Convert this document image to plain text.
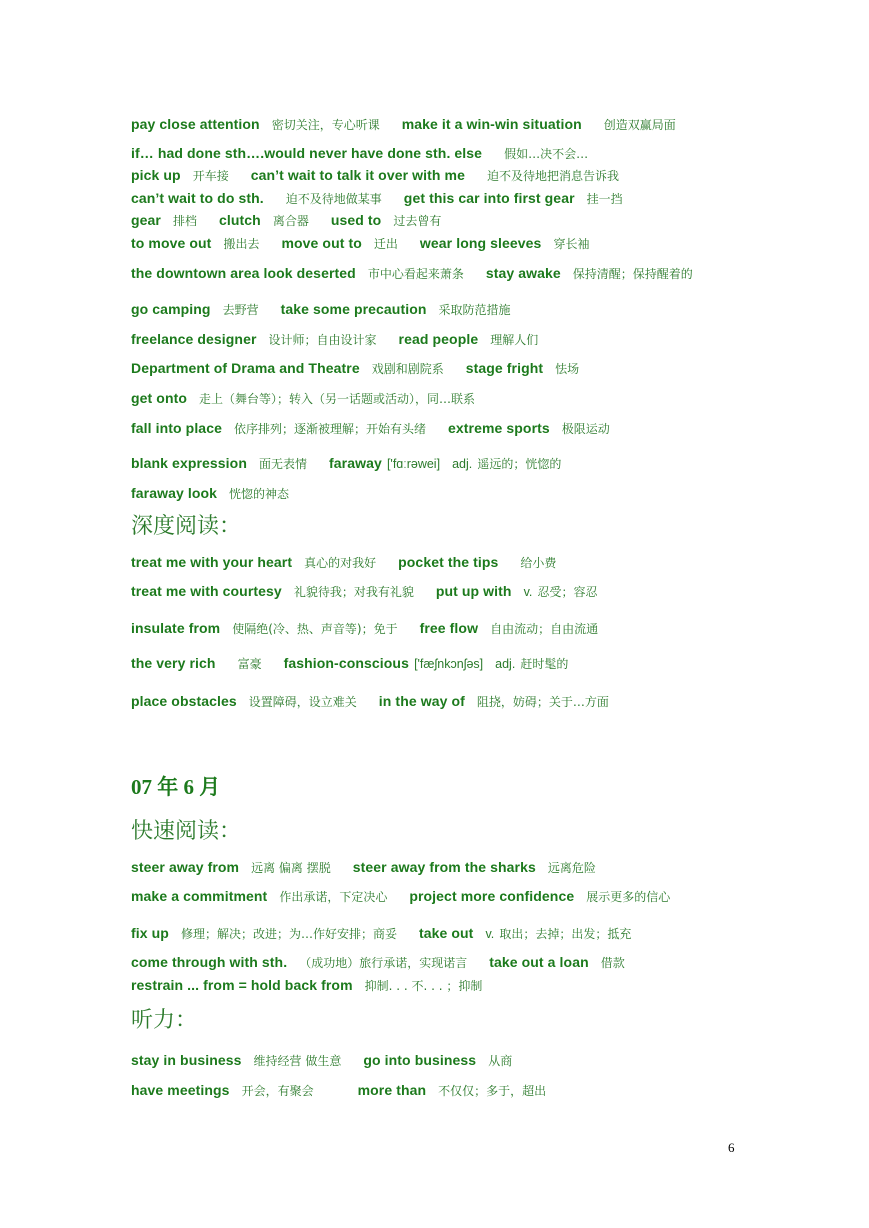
pay close attention 密切关注，专心听课 make it a win-win situation 创造双赢局面
if… had done sth….would never have done sth. else 假如…决不会…
pick up 开车接 can’t wait to talk it over with me 迫不及待地把消息告诉我
can’t wait to do sth. 迫不及待地做某事 get this car into first gear 挂一挡
gear 排档 clutch 离合器 used to 过去曾有
to move out 搬出去 move out to 迁出 wear long sleeves 穿长袖
the downtown area look deserted 市中心看起来萧条 stay awake 保持清醒；保持醒着的
go camping 去野营 take some precaution 采取防范措施
freelance designer 设计师；自由设计家 read people 理解人们
Department of Drama and Theatre 戏剧和剧院系 stage fright 怯场
get onto 走上（舞台等）；转入（另一话题或活动），同…联系
fall into place 依序排列；逐渐被理解；开始有头绪 extreme sports 极限运动
blank expression 面无表情 faraway ['fɑːrəwei] adj. 遥远的；恍惚的
faraway look 恍惚的神态
深度阅读：
treat me with your heart 真心的对我好 pocket the tips 给小费
treat me with courtesy 礼貌待我；对我有礼貌 put up with v. 忍受；容忍
insulate from 使隔绝(冷、热、声音等)；免于 free flow 自由流动；自由流通
the very rich 富豪 fashion-conscious ['fæʃnkɔnʃəs] adj. 赶时髦的
place obstacles 设置障碍，设立难关 in the way of 阻挠，妨碍；关于…方面
07 年 6 月
快速阅读：
steer away from 远离 偏离 摆脱 steer away from the sharks 远离危险
make a commitment 作出承诺，下定决心 project more confidence 展示更多的信心
fix up 修理；解决；改进；为…作好安排；商妥 take out v. 取出；去掉；出发；抵充
come through with sth. （成功地）旅行承诺，实现诺言 take out a loan 借款
restrain ... from = hold back from 抑制. . . 不. . . ；抑制
听力：
stay in business 维持经营 做生意 go into business 从商
have meetings 开会，有聚会	more than 不仅仅；多于，超出
6
